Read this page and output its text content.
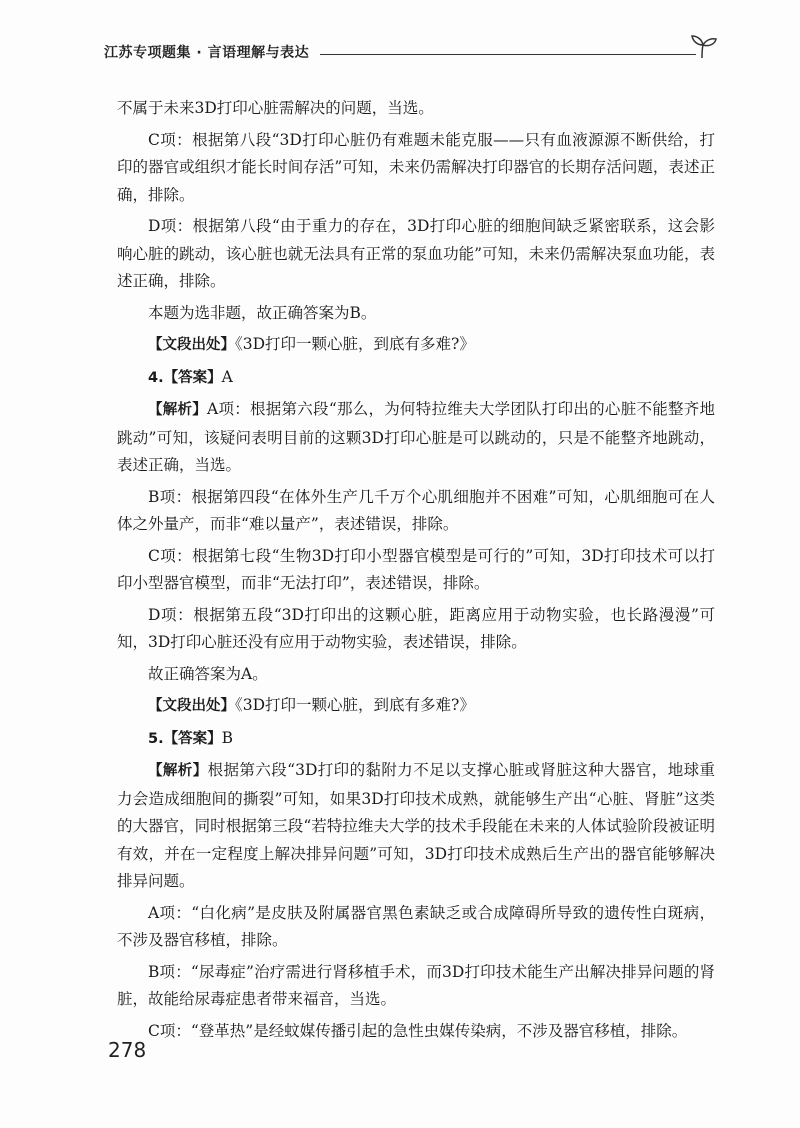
江苏专项题集 · 言语理解与表达

不属于未来3D打印心脏需解决的问题，当选。

C项：根据第八段“3D打印心脏仍有难题未能克服——只有血液源源不断供给，打印的器官或组织才能长时间存活”可知，未来仍需解决打印器官的长期存活问题，表述正确，排除。

D项：根据第八段“由于重力的存在，3D打印心脏的细胞间缺乏紧密联系，这会影响心脏的跳动，该心脏也就无法具有正常的泵血功能”可知，未来仍需解决泵血功能，表述正确，排除。

本题为选非题，故正确答案为B。

【文段出处】《3D打印一颗心脏，到底有多难?》

4.【答案】A

【解析】A项：根据第六段“那么，为何特拉维夫大学团队打印出的心脏不能整齐地跳动”可知，该疑问表明目前的这颗3D打印心脏是可以跳动的，只是不能整齐地跳动，表述正确，当选。

B项：根据第四段“在体外生产几千万个心肌细胞并不困难”可知，心肌细胞可在人体之外量产，而非“难以量产”，表述错误，排除。

C项：根据第七段“生物3D打印小型器官模型是可行的”可知，3D打印技术可以打印小型器官模型，而非“无法打印”，表述错误，排除。

D项：根据第五段“3D打印出的这颗心脏，距离应用于动物实验，也长路漫漫”可知，3D打印心脏还没有应用于动物实验，表述错误，排除。

故正确答案为A。

【文段出处】《3D打印一颗心脏，到底有多难?》

5.【答案】B

【解析】根据第六段“3D打印的黏附力不足以支撑心脏或肾脏这种大器官，地球重力会造成细胞间的撕裂”可知，如果3D打印技术成熟，就能够生产出“心脏、肾脏”这类的大器官，同时根据第三段“若特拉维夫大学的技术手段能在未来的人体试验阶段被证明有效，并在一定程度上解决排异问题”可知，3D打印技术成熟后生产出的器官能够解决排异问题。

A项：“白化病”是皮肤及附属器官黑色素缺乏或合成障碍所导致的遗传性白斑病，不涉及器官移植，排除。

B项：“尿毒症”治疗需进行肾移植手术，而3D打印技术能生产出解决排异问题的肾脏，故能给尿毒症患者带来福音，当选。

C项：“登革热”是经蚊媒传播引起的急性虫媒传染病，不涉及器官移植，排除。

278
